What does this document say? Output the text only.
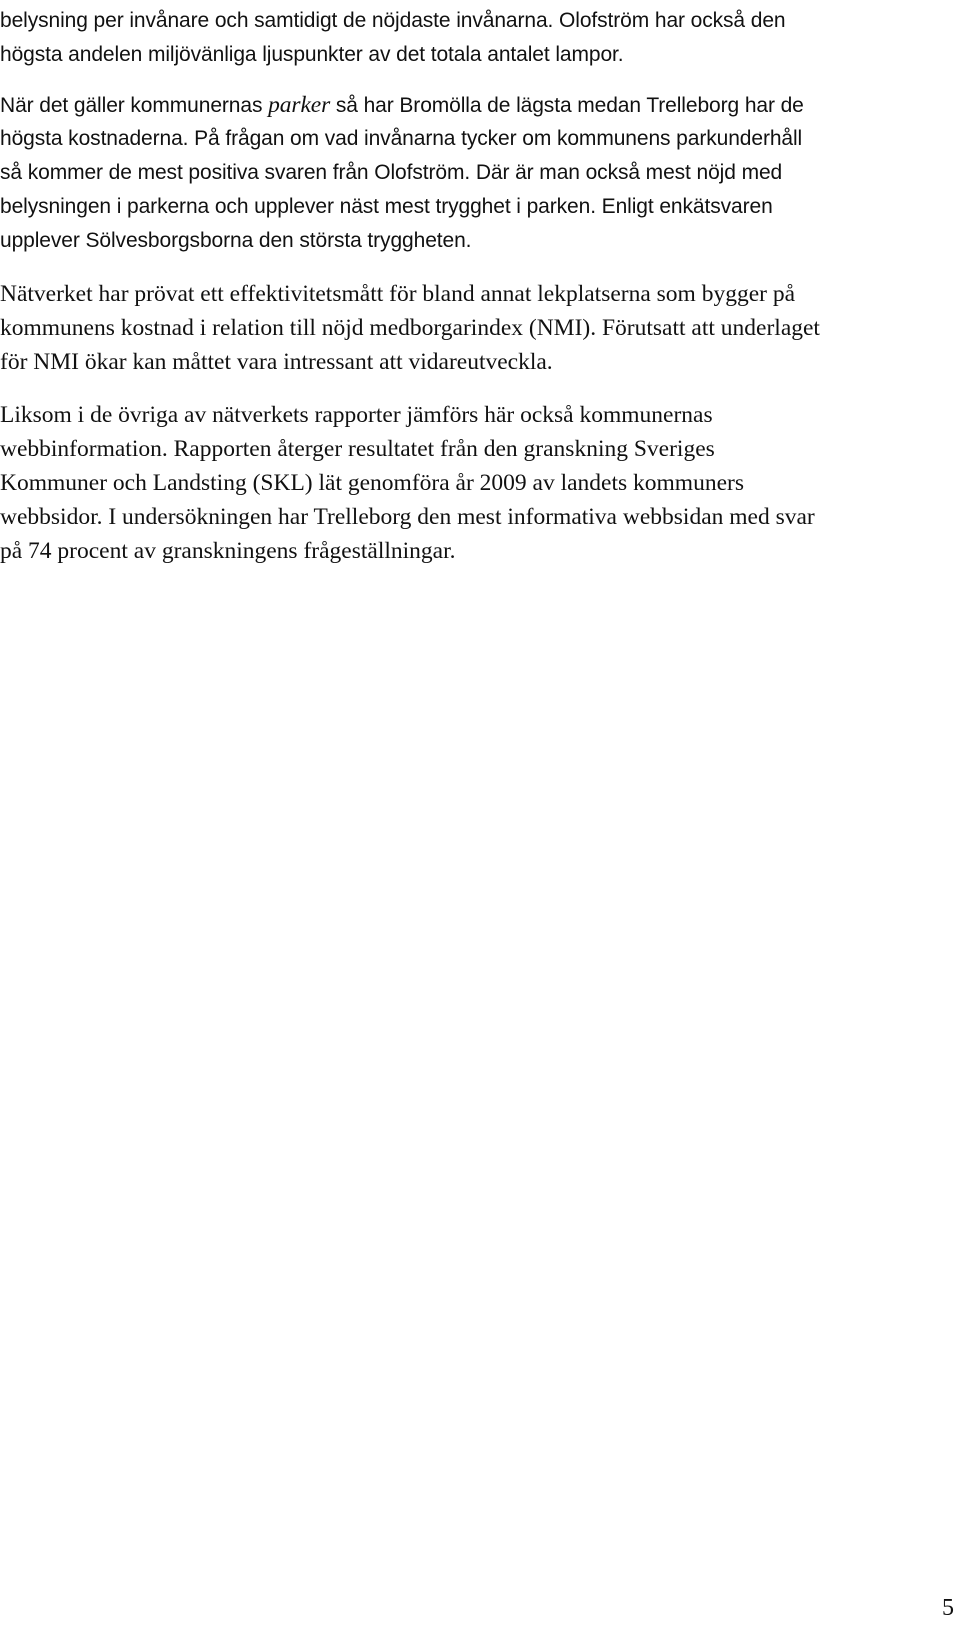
belysning per invånare och samtidigt de nöjdaste invånarna. Olofström har också den
högsta andelen miljövänliga ljuspunkter av det totala antalet lampor.

När det gäller kommunernas parker så har Bromölla de lägsta medan Trelleborg har de
högsta kostnaderna. På frågan om vad invånarna tycker om kommunens parkunderhåll
så kommer de mest positiva svaren från Olofström. Där är man också mest nöjd med
belysningen i parkerna och upplever näst mest trygghet i parken. Enligt enkätsvaren
upplever Sölvesborgsborna den största tryggheten.

Nätverket har prövat ett effektivitetsmått för bland annat lekplatserna som bygger på
kommunens kostnad i relation till nöjd medborgarindex (NMI). Förutsatt att underlaget
för NMI ökar kan måttet vara intressant att vidareutveckla.

Liksom i de övriga av nätverkets rapporter jämförs här också kommunernas
webbinformation. Rapporten återger resultatet från den granskning Sveriges
Kommuner och Landsting (SKL) lät genomföra år 2009 av landets kommuners
webbsidor. I undersökningen har Trelleborg den mest informativa webbsidan med svar
på 74 procent av granskningens frågeställningar.

5
